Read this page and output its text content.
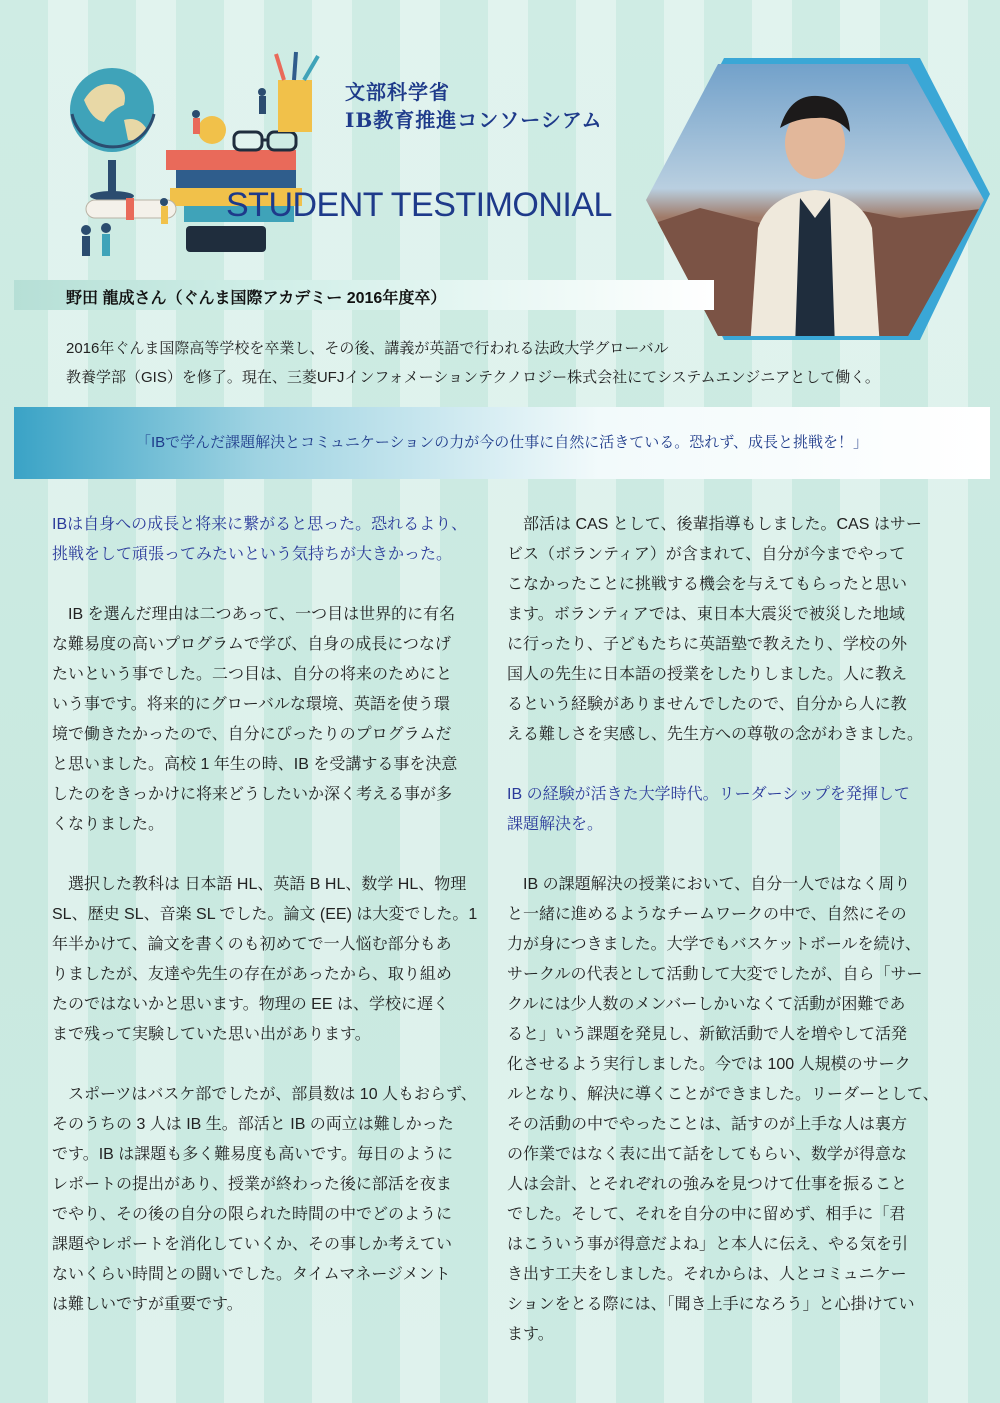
文部科学省
IB教育推進コンソーシアム
STUDENT TESTIMONIAL
野田 龍成さん（ぐんま国際アカデミー 2016年度卒）
2016年ぐんま国際高等学校を卒業し、その後、講義が英語で行われる法政大学グローバル
教養学部（GIS）を修了。現在、三菱UFJインフォメーションテクノロジー株式会社にてシステムエンジニアとして働く。
「IBで学んだ課題解決とコミュニケーションの力が今の仕事に自然に活きている。恐れず、成長と挑戦を！」

IBは自身への成長と将来に繋がると思った。恐れるより、
挑戦をして頑張ってみたいという気持ちが大きかった。

IB を選んだ理由は二つあって、一つ目は世界的に有名
な難易度の高いプログラムで学び、自身の成長につなげ
たいという事でした。二つ目は、自分の将来のためにと
いう事です。将来的にグローバルな環境、英語を使う環
境で働きたかったので、自分にぴったりのプログラムだ
と思いました。高校 1 年生の時、IB を受講する事を決意
したのをきっかけに将来どうしたいか深く考える事が多
くなりました。

選択した教科は 日本語 HL、英語 B HL、数学 HL、物理
SL、歴史 SL、音楽 SL でした。論文 (EE) は大変でした。1
年半かけて、論文を書くのも初めてで一人悩む部分もあ
りましたが、友達や先生の存在があったから、取り組め
たのではないかと思います。物理の EE は、学校に遅く
まで残って実験していた思い出があります。

スポーツはバスケ部でしたが、部員数は 10 人もおらず、
そのうちの 3 人は IB 生。部活と IB の両立は難しかった
です。IB は課題も多く難易度も高いです。毎日のように
レポートの提出があり、授業が終わった後に部活を夜ま
でやり、その後の自分の限られた時間の中でどのように
課題やレポートを消化していくか、その事しか考えてい
ないくらい時間との闘いでした。タイムマネージメント
は難しいですが重要です。

部活は CAS として、後輩指導もしました。CAS はサー
ビス（ボランティア）が含まれて、自分が今までやって
こなかったことに挑戦する機会を与えてもらったと思い
ます。ボランティアでは、東日本大震災で被災した地域
に行ったり、子どもたちに英語塾で教えたり、学校の外
国人の先生に日本語の授業をしたりしました。人に教え
るという経験がありませんでしたので、自分から人に教
える難しさを実感し、先生方への尊敬の念がわきました。

IB の経験が活きた大学時代。リーダーシップを発揮して
課題解決を。

IB の課題解決の授業において、自分一人ではなく周り
と一緒に進めるようなチームワークの中で、自然にその
力が身につきました。大学でもバスケットボールを続け、
サークルの代表として活動して大変でしたが、自ら「サー
クルには少人数のメンバーしかいなくて活動が困難であ
ると」いう課題を発見し、新歓活動で人を増やして活発
化させるよう実行しました。今では 100 人規模のサーク
ルとなり、解決に導くことができました。リーダーとして、
その活動の中でやったことは、話すのが上手な人は裏方
の作業ではなく表に出て話をしてもらい、数学が得意な
人は会計、とそれぞれの強みを見つけて仕事を振ること
でした。そして、それを自分の中に留めず、相手に「君
はこういう事が得意だよね」と本人に伝え、やる気を引
き出す工夫をしました。それからは、人とコミュニケー
ションをとる際には、「聞き上手になろう」と心掛けてい
ます。
